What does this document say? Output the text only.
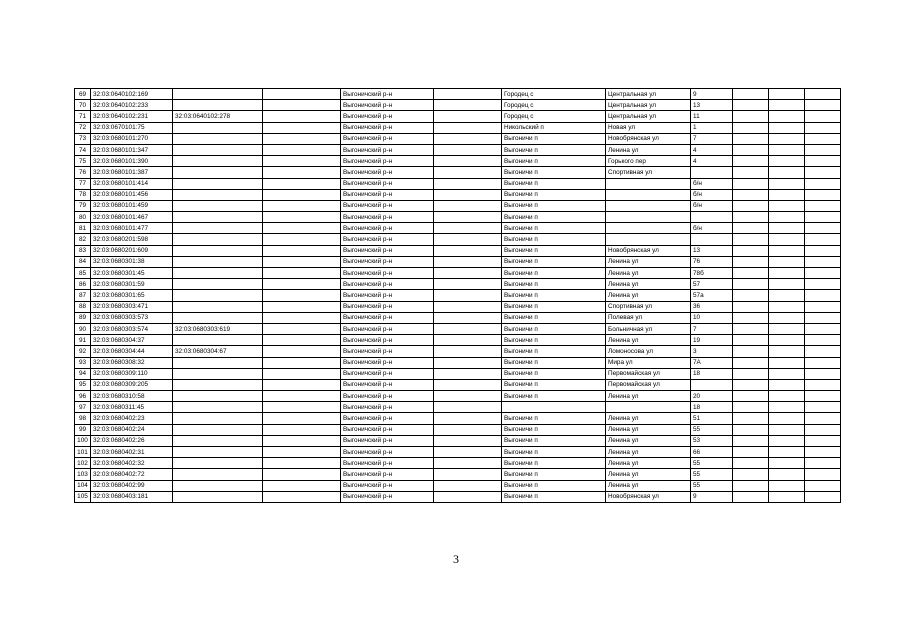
69	32:03:0640102:169			Выгоничский р-н		Городец с	Центральная ул	9			
70	32:03:0640102:233			Выгоничский р-н		Городец с	Центральная ул	13			
71	32:03:0640102:231	32:03:0640102:278		Выгоничский р-н		Городец с	Центральная ул	11			
72	32:03:0670101:75			Выгоничский р-н		Никольский п	Новая ул	1			
73	32:03:0680101:270			Выгоничский р-н		Выгоничи п	Новобрянская ул	7			
74	32:03:0680101:347			Выгоничский р-н		Выгоничи п	Ленина ул	4			
75	32:03:0680101:390			Выгоничский р-н		Выгоничи п	Горького пер	4			
76	32:03:0680101:387			Выгоничский р-н		Выгоничи п	Спортивная ул				
77	32:03:0680101:414			Выгоничский р-н		Выгоничи п		б/н			
78	32:03:0680101:456			Выгоничский р-н		Выгоничи п		б/н			
79	32:03:0680101:459			Выгоничский р-н		Выгоничи п		б/н			
80	32:03:0680101:467			Выгоничский р-н		Выгоничи п					
81	32:03:0680101:477			Выгоничский р-н		Выгоничи п		б/н			
82	32:03:0680201:598			Выгоничский р-н		Выгоничи п					
83	32:03:0680201:609			Выгоничский р-н		Выгоничи п	Новобрянская ул	13			
84	32:03:0680301:38			Выгоничский р-н		Выгоничи п	Ленина ул	76			
85	32:03:0680301:45			Выгоничский р-н		Выгоничи п	Ленина ул	78б			
86	32:03:0680301:59			Выгоничский р-н		Выгоничи п	Ленина ул	57			
87	32:03:0680301:65			Выгоничский р-н		Выгоничи п	Ленина ул	57а			
88	32:03:0680303:471			Выгоничский р-н		Выгоничи п	Спортивная ул	36			
89	32:03:0680303:573			Выгоничский р-н		Выгоничи п	Полевая ул	10			
90	32:03:0680303:574	32:03:0680303:619		Выгоничский р-н		Выгоничи п	Больничная ул	7			
91	32:03:0680304:37			Выгоничский р-н		Выгоничи п	Ленина ул	19			
92	32:03:0680304:44	32:03:0680304:67		Выгоничский р-н		Выгоничи п	Ломоносова ул	3			
93	32:03:0680308:32			Выгоничский р-н		Выгоничи п	Мира ул	7А			
94	32:03:0680309:110			Выгоничский р-н		Выгоничи п	Первомайская ул	18			
95	32:03:0680309:205			Выгоничский р-н		Выгоничи п	Первомайская ул				
96	32:03:0680310:58			Выгоничский р-н		Выгоничи п	Ленина ул	20			
97	32:03:0680311:45			Выгоничский р-н				18			
98	32:03:0680402:23			Выгоничский р-н		Выгоничи п	Ленина ул	51			
99	32:03:0680402:24			Выгоничский р-н		Выгоничи п	Ленина ул	55			
100	32:03:0680402:26			Выгоничский р-н		Выгоничи п	Ленина ул	53			
101	32:03:0680402:31			Выгоничский р-н		Выгоничи п	Ленина ул	66			
102	32:03:0680402:32			Выгоничский р-н		Выгоничи п	Ленина ул	55			
103	32:03:0680402:72			Выгоничский р-н		Выгоничи п	Ленина ул	55			
104	32:03:0680402:99			Выгоничский р-н		Выгоничи п	Ленина ул	55			
105	32:03:0680403:181			Выгоничский р-н		Выгоничи п	Новобрянская ул	9			
3
